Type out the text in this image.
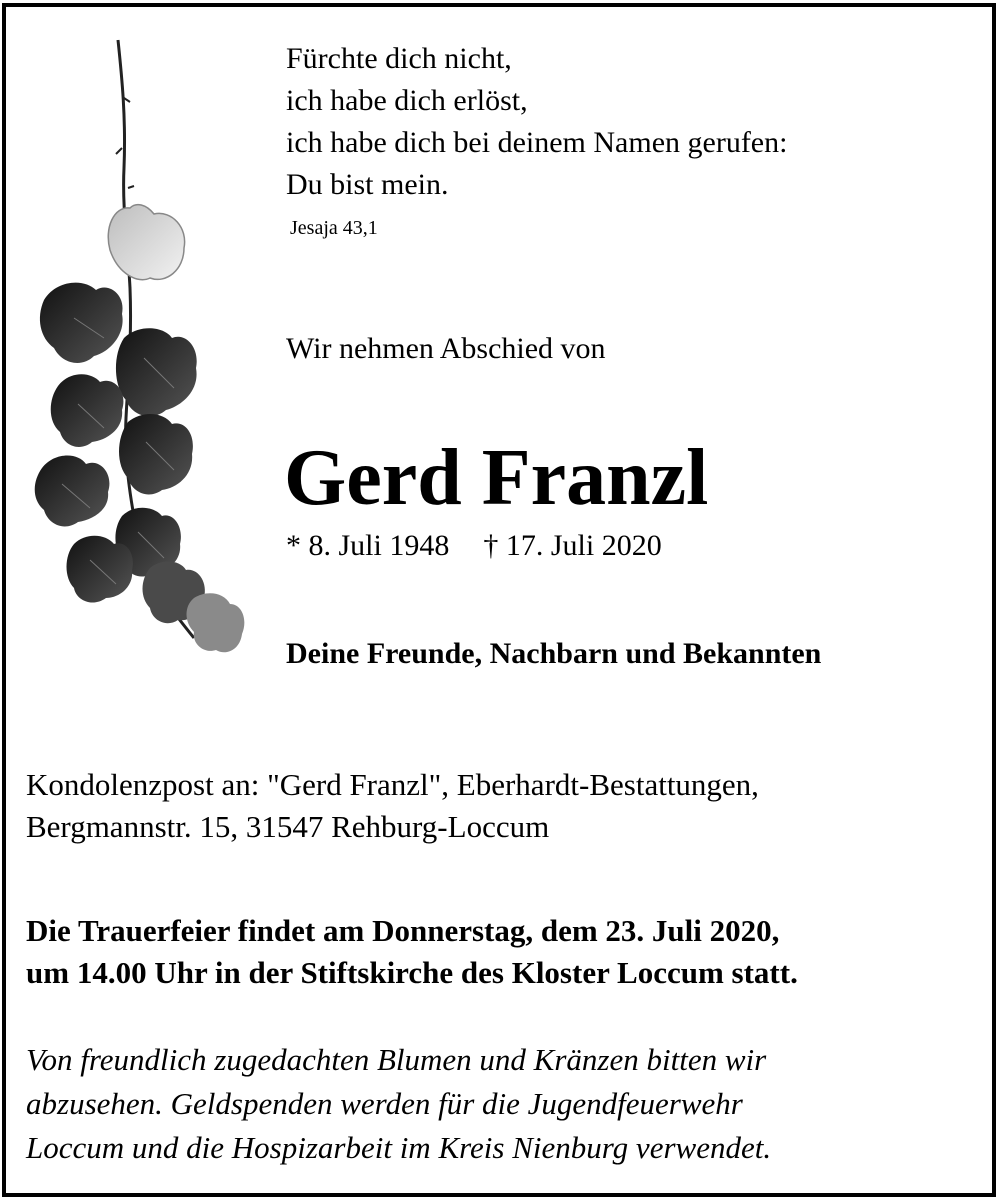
Fürchte dich nicht,
ich habe dich erlöst,
ich habe dich bei deinem Namen gerufen:
Du bist mein.
Jesaja 43,1
Wir nehmen Abschied von
Gerd Franzl
* 8. Juli 1948 † 17. Juli 2020
Deine Freunde, Nachbarn und Bekannten
Kondolenzpost an: "Gerd Franzl", Eberhardt-Bestattungen,
Bergmannstr. 15, 31547 Rehburg-Loccum
Die Trauerfeier findet am Donnerstag, dem 23. Juli 2020,
um 14.00 Uhr in der Stiftskirche des Kloster Loccum statt.
Von freundlich zugedachten Blumen und Kränzen bitten wir
abzusehen. Geldspenden werden für die Jugendfeuerwehr
Loccum und die Hospizarbeit im Kreis Nienburg verwendet.
